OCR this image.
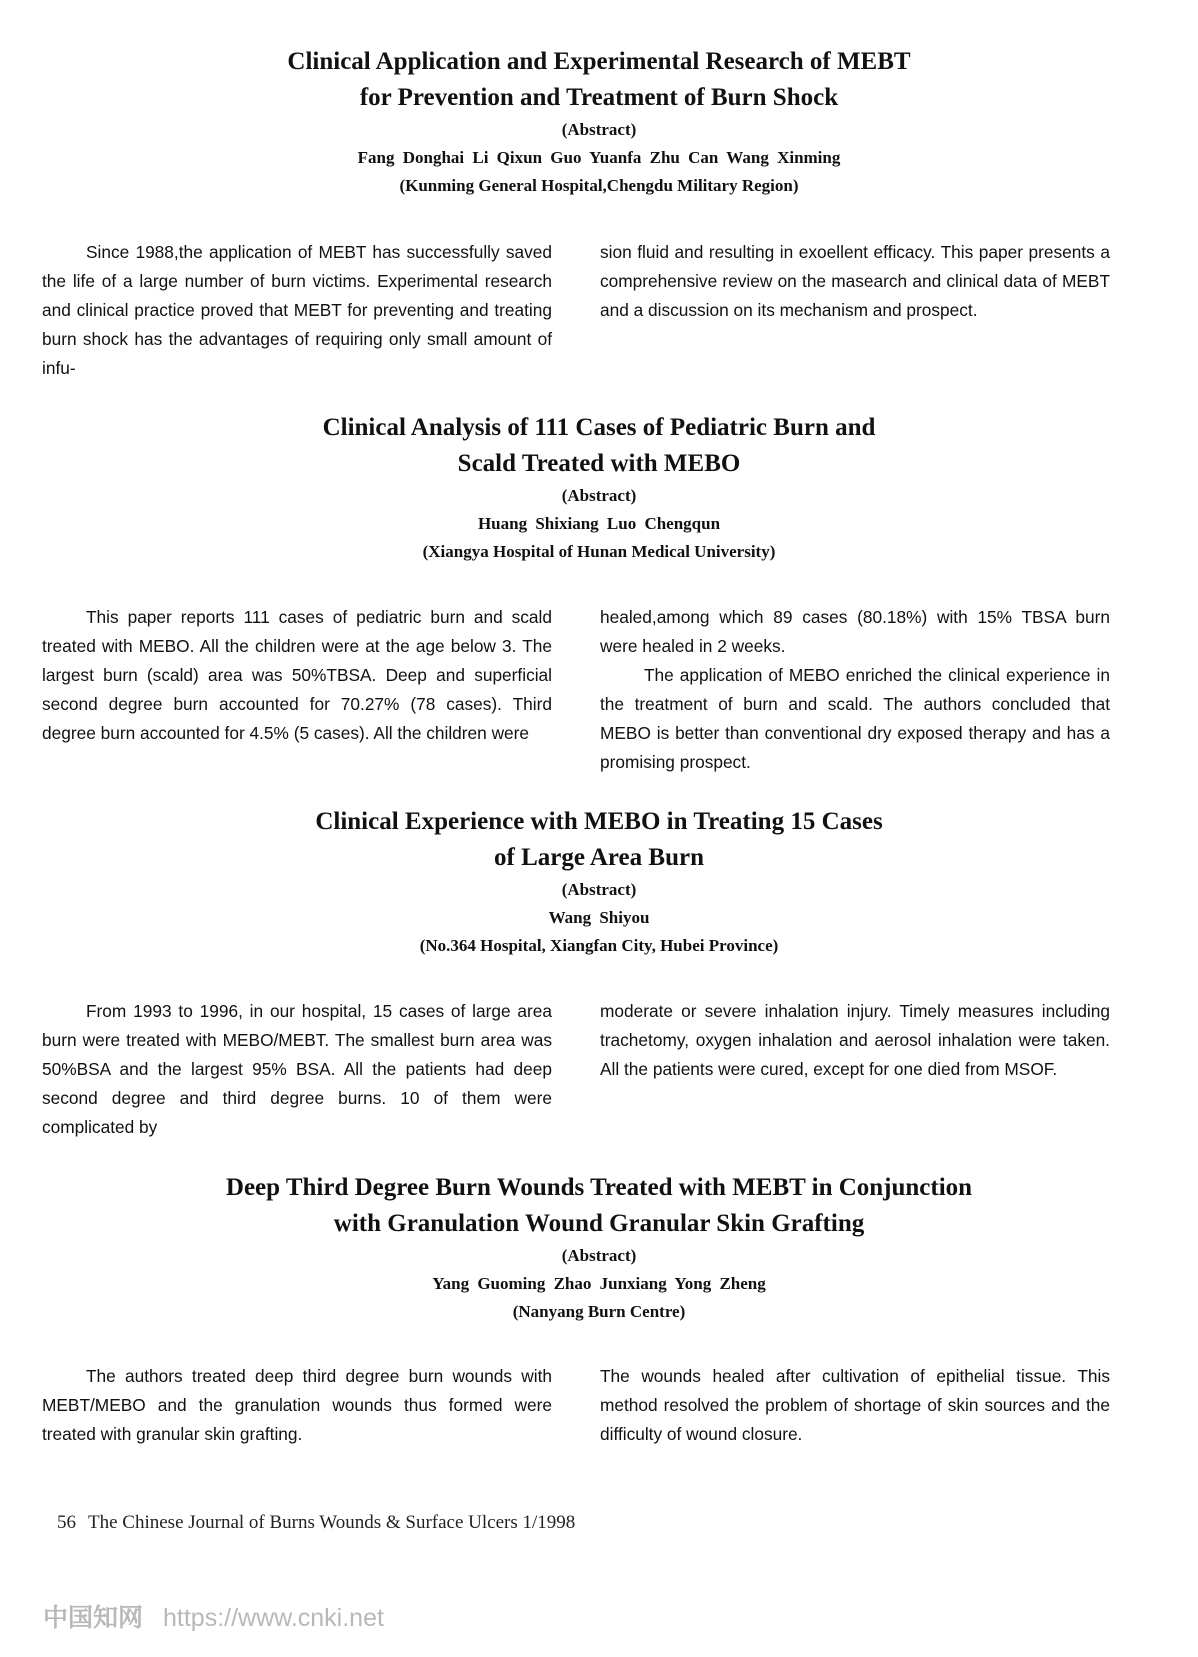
Clinical Application and Experimental Research of MEBT
for Prevention and Treatment of Burn Shock
(Abstract)
Fang Donghai Li Qixun Guo Yuanfa Zhu Can Wang Xinming
(Kunming General Hospital,Chengdu Military Region)

Since 1988,the application of MEBT has successfully saved the life of a large number of burn victims. Experimental research and clinical practice proved that MEBT for preventing and treating burn shock has the advantages of requiring only small amount of infu-

sion fluid and resulting in exoellent efficacy. This paper presents a comprehensive review on the masearch and clinical data of MEBT and a discussion on its mechanism and prospect.

Clinical Analysis of 111 Cases of Pediatric Burn and
Scald Treated with MEBO
(Abstract)
Huang Shixiang Luo Chengqun
(Xiangya Hospital of Hunan Medical University)

This paper reports 111 cases of pediatric burn and scald treated with MEBO. All the children were at the age below 3. The largest burn (scald) area was 50%TBSA. Deep and superficial second degree burn accounted for 70.27% (78 cases). Third degree burn accounted for 4.5% (5 cases). All the children were

healed,among which 89 cases (80.18%) with 15% TBSA burn were healed in 2 weeks.

The application of MEBO enriched the clinical experience in the treatment of burn and scald. The authors concluded that MEBO is better than conventional dry exposed therapy and has a promising prospect.

Clinical Experience with MEBO in Treating 15 Cases
of Large Area Burn
(Abstract)
Wang Shiyou
(No.364 Hospital, Xiangfan City, Hubei Province)

From 1993 to 1996, in our hospital, 15 cases of large area burn were treated with MEBO/MEBT. The smallest burn area was 50%BSA and the largest 95% BSA. All the patients had deep second degree and third degree burns. 10 of them were complicated by

moderate or severe inhalation injury. Timely measures including trachetomy, oxygen inhalation and aerosol inhalation were taken. All the patients were cured, except for one died from MSOF.

Deep Third Degree Burn Wounds Treated with MEBT in Conjunction
with Granulation Wound Granular Skin Grafting
(Abstract)
Yang Guoming Zhao Junxiang Yong Zheng
(Nanyang Burn Centre)

The authors treated deep third degree burn wounds with MEBT/MEBO and the granulation wounds thus formed were treated with granular skin grafting.

The wounds healed after cultivation of epithelial tissue. This method resolved the problem of shortage of skin sources and the difficulty of wound closure.

56 The Chinese Journal of Burns Wounds & Surface Ulcers 1/1998
中国知网 https://www.cnki.net
